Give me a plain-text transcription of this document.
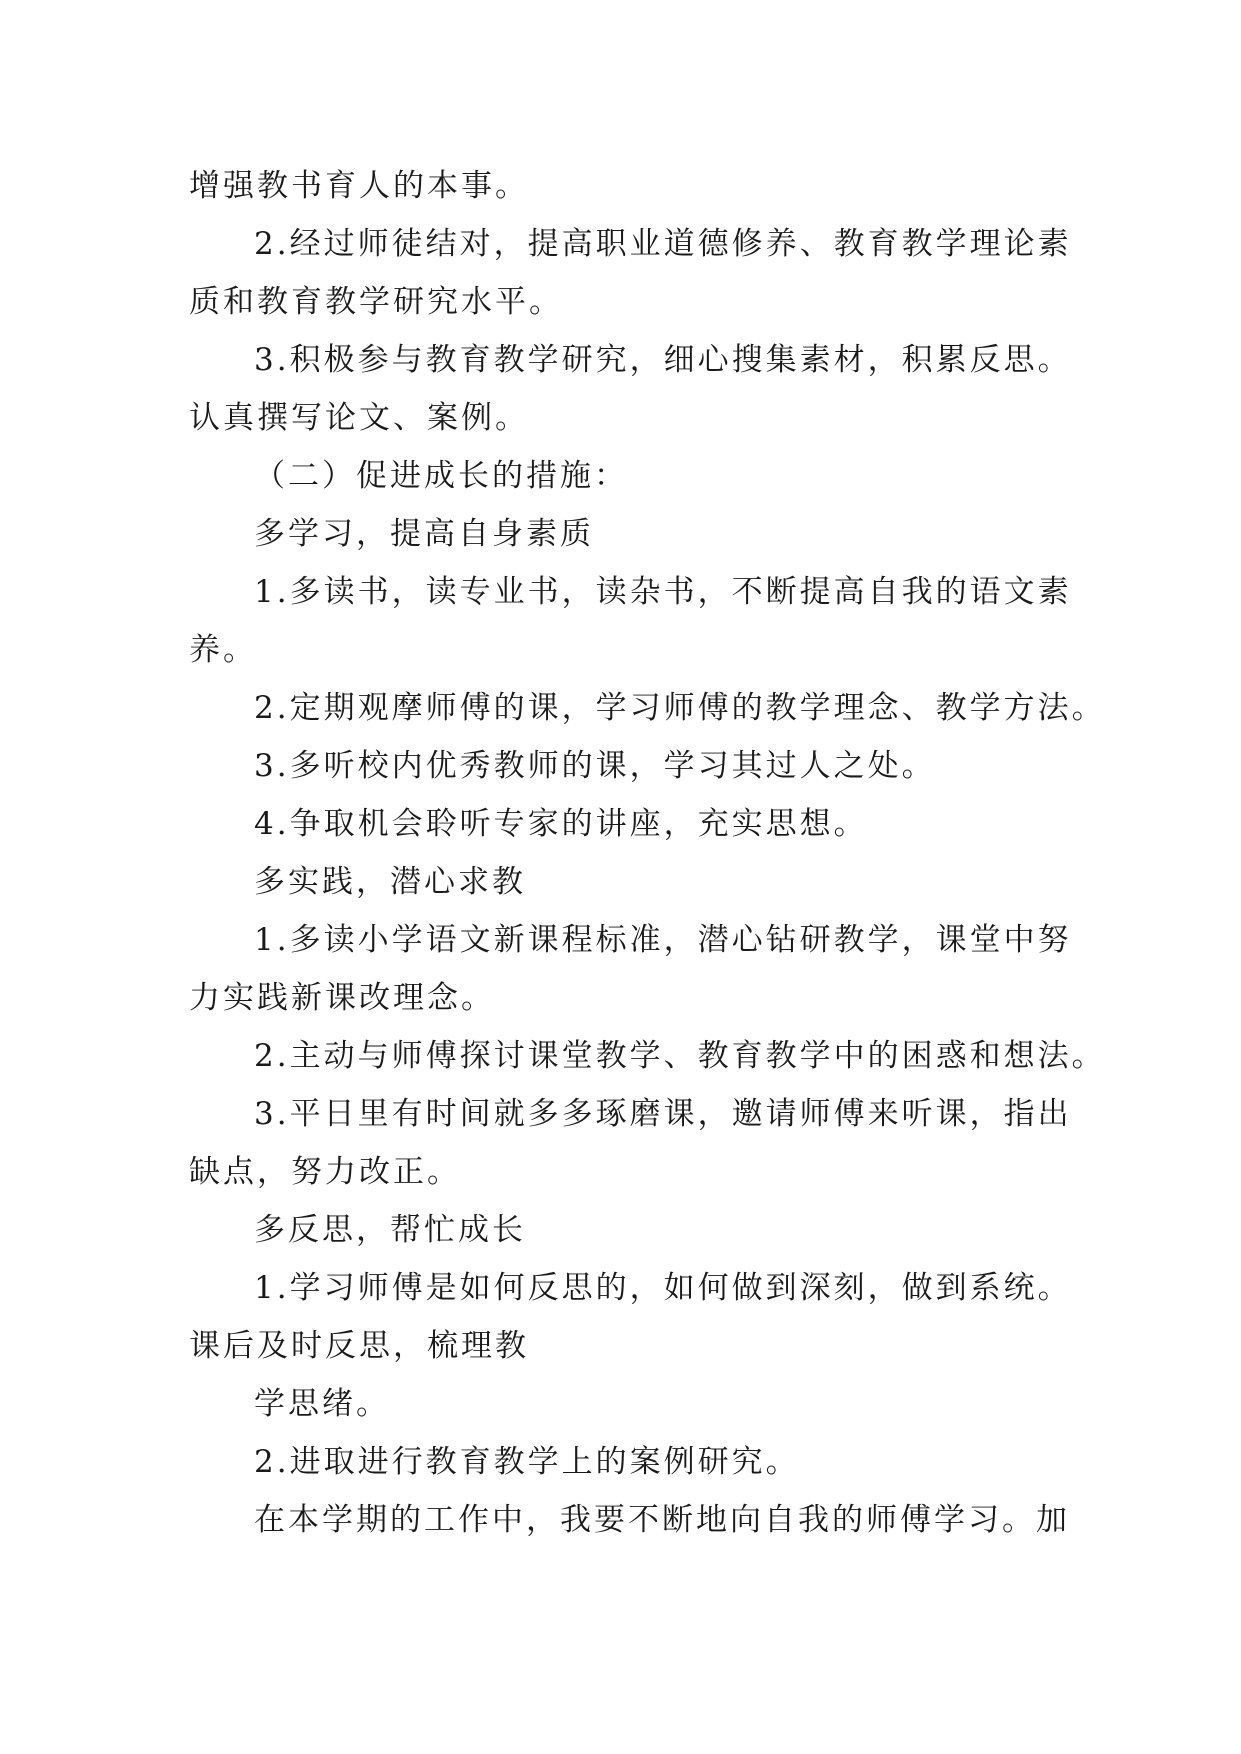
增强教书育人的本事。
2.经过师徒结对，提高职业道德修养、教育教学理论素
质和教育教学研究水平。
3.积极参与教育教学研究，细心搜集素材，积累反思。
认真撰写论文、案例。
（二）促进成长的措施：
多学习，提高自身素质
1.多读书，读专业书，读杂书，不断提高自我的语文素
养。
2.定期观摩师傅的课，学习师傅的教学理念、教学方法。
3.多听校内优秀教师的课，学习其过人之处。
4.争取机会聆听专家的讲座，充实思想。
多实践，潜心求教
1.多读小学语文新课程标准，潜心钻研教学，课堂中努
力实践新课改理念。
2.主动与师傅探讨课堂教学、教育教学中的困惑和想法。
3.平日里有时间就多多琢磨课，邀请师傅来听课，指出
缺点，努力改正。
多反思，帮忙成长
1.学习师傅是如何反思的，如何做到深刻，做到系统。
课后及时反思，梳理教
学思绪。
2.进取进行教育教学上的案例研究。
在本学期的工作中，我要不断地向自我的师傅学习。加
